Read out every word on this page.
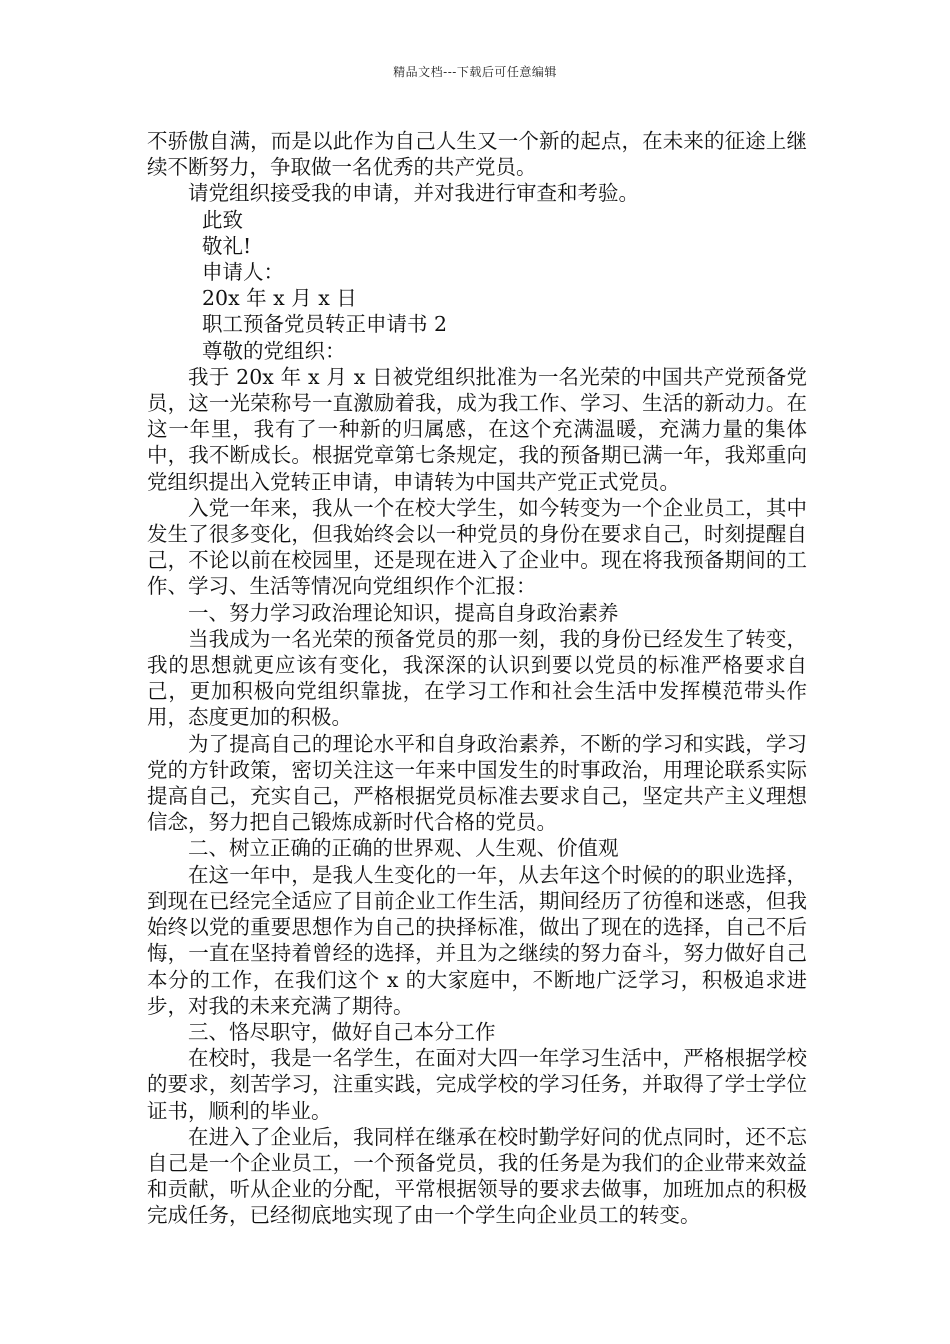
精品文档---下载后可任意编辑

不骄傲自满，而是以此作为自己人生又一个新的起点，在未来的征途上继续不断努力，争取做一名优秀的共产党员。

请党组织接受我的申请，并对我进行审查和考验。

此致

敬礼!

申请人：

20x 年 x 月 x 日

职工预备党员转正申请书 2

尊敬的党组织：

我于 20x 年 x 月 x 日被党组织批准为一名光荣的中国共产党预备党员，这一光荣称号一直激励着我，成为我工作、学习、生活的新动力。在这一年里，我有了一种新的归属感，在这个充满温暖，充满力量的集体中，我不断成长。根据党章第七条规定，我的预备期已满一年，我郑重向党组织提出入党转正申请，申请转为中国共产党正式党员。

入党一年来，我从一个在校大学生，如今转变为一个企业员工，其中发生了很多变化，但我始终会以一种党员的身份在要求自己，时刻提醒自己，不论以前在校园里，还是现在进入了企业中。现在将我预备期间的工作、学习、生活等情况向党组织作个汇报：

一、努力学习政治理论知识，提高自身政治素养

当我成为一名光荣的预备党员的那一刻，我的身份已经发生了转变，我的思想就更应该有变化，我深深的认识到要以党员的标准严格要求自己，更加积极向党组织靠拢，在学习工作和社会生活中发挥模范带头作用，态度更加的积极。

为了提高自己的理论水平和自身政治素养，不断的学习和实践，学习党的方针政策，密切关注这一年来中国发生的时事政治，用理论联系实际提高自己，充实自己，严格根据党员标准去要求自己，坚定共产主义理想信念，努力把自己锻炼成新时代合格的党员。

二、树立正确的正确的世界观、人生观、价值观

在这一年中，是我人生变化的一年，从去年这个时候的的职业选择，到现在已经完全适应了目前企业工作生活，期间经历了彷徨和迷惑，但我始终以党的重要思想作为自己的抉择标准，做出了现在的选择，自己不后悔，一直在坚持着曾经的选择，并且为之继续的努力奋斗，努力做好自己本分的工作，在我们这个 x 的大家庭中，不断地广泛学习，积极追求进步，对我的未来充满了期待。

三、恪尽职守，做好自己本分工作

在校时，我是一名学生，在面对大四一年学习生活中，严格根据学校的要求，刻苦学习，注重实践，完成学校的学习任务，并取得了学士学位证书，顺利的毕业。

在进入了企业后，我同样在继承在校时勤学好问的优点同时，还不忘自己是一个企业员工，一个预备党员，我的任务是为我们的企业带来效益和贡献，听从企业的分配，平常根据领导的要求去做事，加班加点的积极完成任务，已经彻底地实现了由一个学生向企业员工的转变。
